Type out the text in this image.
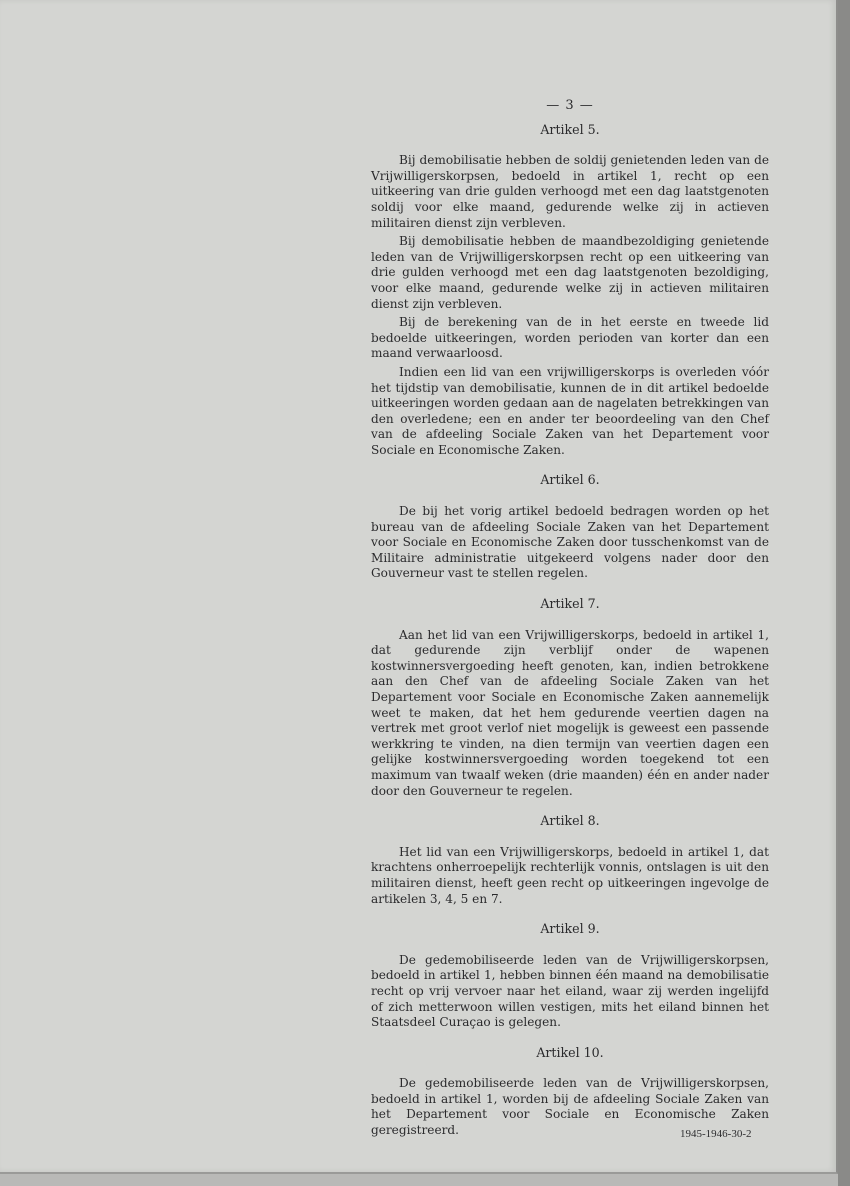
— 3 —
Artikel 5.

Bij demobilisatie hebben de soldij genietenden leden van de Vrijwilligerskorpsen, bedoeld in artikel 1, recht op een uitkeering van drie gulden verhoogd met een dag laatstgenoten soldij voor elke maand, gedurende welke zij in actieven militairen dienst zijn verbleven.

Bij demobilisatie hebben de maandbezoldiging genietende leden van de Vrijwilligerskorpsen recht op een uitkeering van drie gulden verhoogd met een dag laatstgenoten bezoldiging, voor elke maand, gedurende welke zij in actieven militairen dienst zijn verbleven.

Bij de berekening van de in het eerste en tweede lid bedoelde uitkeeringen, worden perioden van korter dan een maand verwaarloosd.

Indien een lid van een vrijwilligerskorps is overleden vóór het tijdstip van demobilisatie, kunnen de in dit artikel bedoelde uitkeeringen worden gedaan aan de nagelaten betrekkingen van den overledene; een en ander ter beoordeeling van den Chef van de afdeeling Sociale Zaken van het Departement voor Sociale en Economische Zaken.

Artikel 6.

De bij het vorig artikel bedoeld bedragen worden op het bureau van de afdeeling Sociale Zaken van het Departement voor Sociale en Economische Zaken door tusschenkomst van de Militaire administratie uitgekeerd volgens nader door den Gouverneur vast te stellen regelen.

Artikel 7.

Aan het lid van een Vrijwilligerskorps, bedoeld in artikel 1, dat gedurende zijn verblijf onder de wapenen kostwinnersvergoeding heeft genoten, kan, indien betrokkene aan den Chef van de afdeeling Sociale Zaken van het Departement voor Sociale en Economische Zaken aannemelijk weet te maken, dat het hem gedurende veertien dagen na vertrek met groot verlof niet mogelijk is geweest een passende werkkring te vinden, na dien termijn van veertien dagen een gelijke kostwinnersvergoeding worden toegekend tot een maximum van twaalf weken (drie maanden) één en ander nader door den Gouverneur te regelen.

Artikel 8.

Het lid van een Vrijwilligerskorps, bedoeld in artikel 1, dat krachtens onherroepelijk rechterlijk vonnis, ontslagen is uit den militairen dienst, heeft geen recht op uitkeeringen ingevolge de artikelen 3, 4, 5 en 7.

Artikel 9.

De gedemobiliseerde leden van de Vrijwilligerskorpsen, bedoeld in artikel 1, hebben binnen één maand na demobilisatie recht op vrij vervoer naar het eiland, waar zij werden ingelijfd of zich metterwoon willen vestigen, mits het eiland binnen het Staatsdeel Curaçao is gelegen.

Artikel 10.

De gedemobiliseerde leden van de Vrijwilligerskorpsen, bedoeld in artikel 1, worden bij de afdeeling Sociale Zaken van het Departement voor Sociale en Economische Zaken geregistreerd.	1945-1946-30-2
